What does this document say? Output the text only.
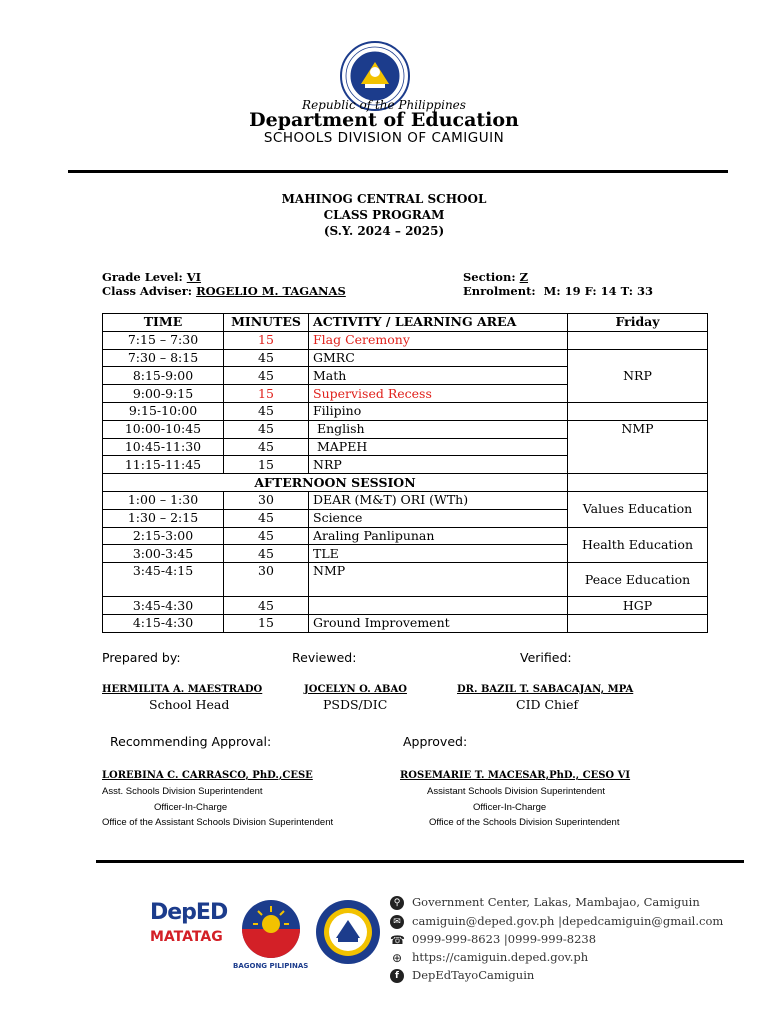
Republic of the Philippines
Department of Education
SCHOOLS DIVISION OF CAMIGUIN
MAHINOG CENTRAL SCHOOL
CLASS PROGRAM
(S.Y. 2024 – 2025)
Grade Level: VI
Class Adviser: ROGELIO M. TAGANAS
Section: Z
Enrolment: M: 19 F: 14 T: 33
TIME	MINUTES	ACTIVITY / LEARNING AREA	Friday
7:15 – 7:30	15	Flag Ceremony	
7:30 – 8:15	45	GMRC	NRP
8:15-9:00	45	Math	
9:00-9:15	15	Supervised Recess	
9:15-10:00	45	Filipino	
10:00-10:45	45	English	NMP
10:45-11:30	45	MAPEH	
11:15-11:45	15	NRP	
AFTERNOON SESSION			
1:00 – 1:30	30	DEAR (M&T) ORI (WTh)	Values Education
1:30 – 2:15	45	Science	
2:15-3:00	45	Araling Panlipunan	Health Education
3:00-3:45	45	TLE	
3:45-4:15	30	NMP	Peace Education
3:45-4:30	45		HGP
4:15-4:30	15	Ground Improvement	
Prepared by:	Reviewed:	Verified:
HERMILITA A. MAESTRADO	JOCELYN O. ABAO	DR. BAZIL T. SABACAJAN, MPA
School Head	PSDS/DIC	CID Chief
Recommending Approval:	Approved:
LOREBINA C. CARRASCO, PhD.,CESE	ROSEMARIE T. MACESAR,PhD., CESO VI
Asst. Schools Division Superintendent
Officer-In-Charge
Office of the Assistant Schools Division Superintendent
Assistant Schools Division Superintendent
Officer-In-Charge
Office of the Schools Division Superintendent
DepED
MATATAG
BAGONG PILIPINAS
⚲	Government Center, Lakas, Mambajao, Camiguin
✉ camiguin@deped.gov.ph |depedcamiguin@gmail.com
☎ 0999-999-8623 |0999-999-8238
⊕ https://camiguin.deped.gov.ph
f	DepEdTayoCamiguin
